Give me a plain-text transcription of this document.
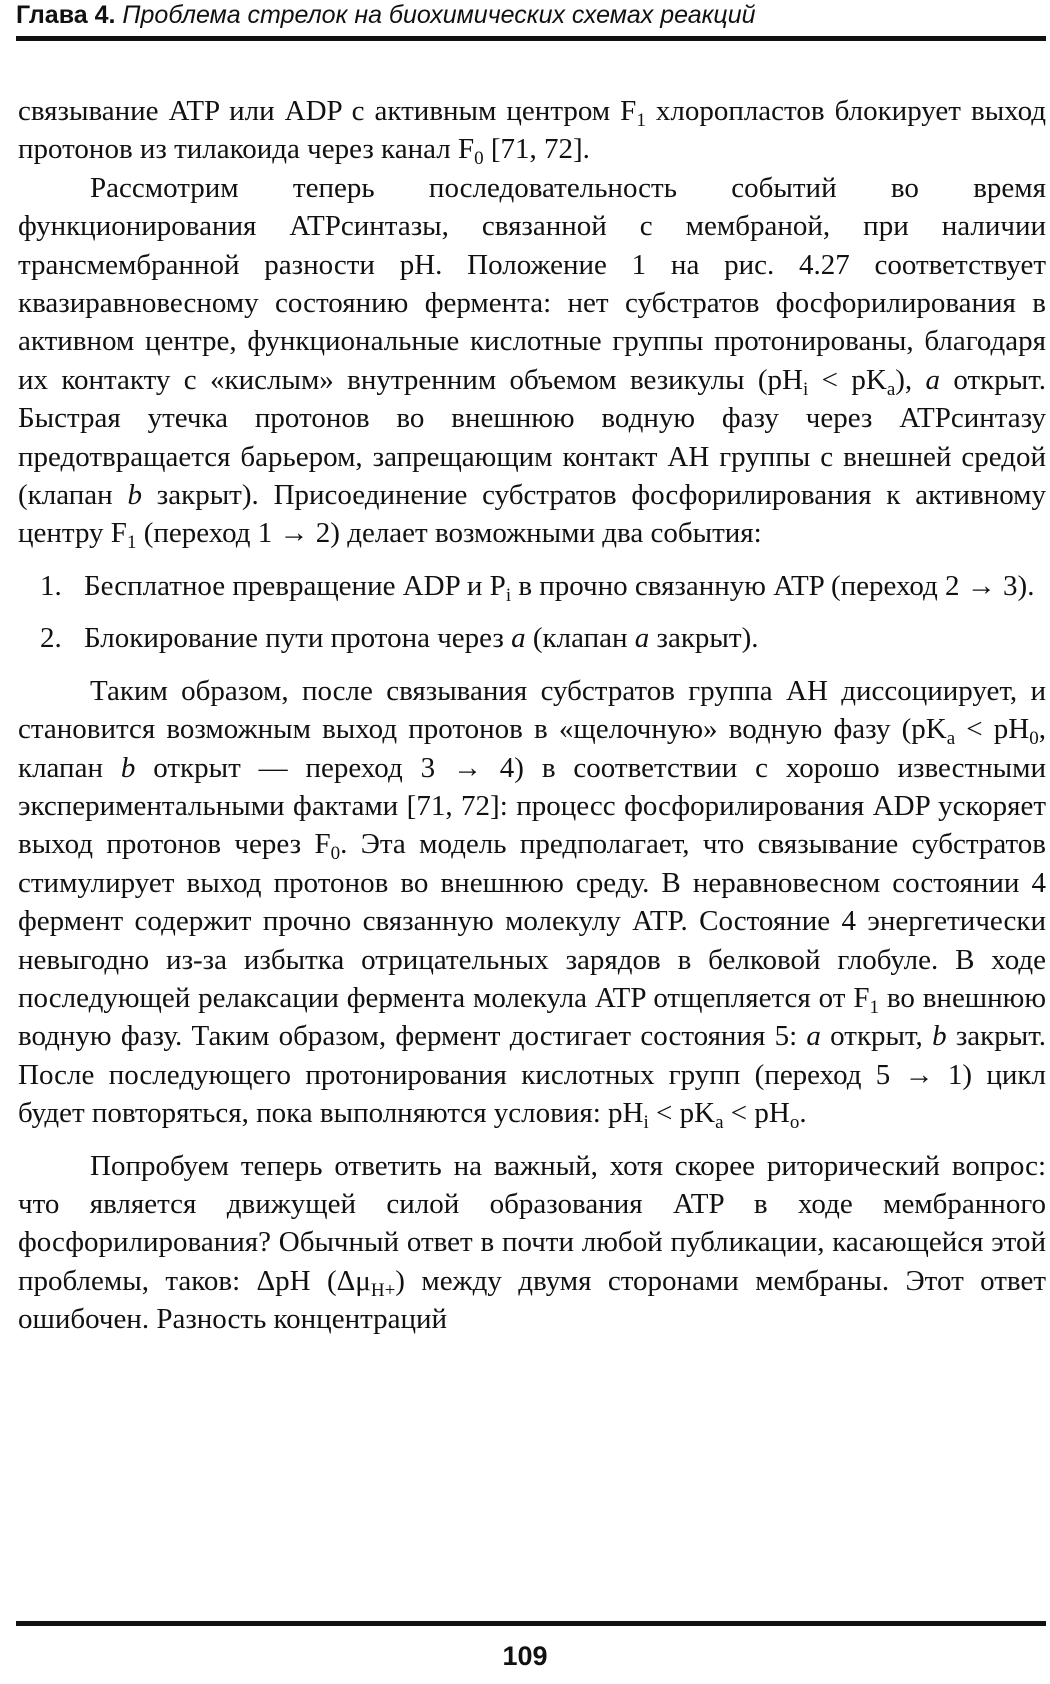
Глава 4. Проблема стрелок на биохимических схемах реакций

связывание ATP или ADP с активным центром $F_1$ хлоропластов блокирует выход протонов из тилакоида через канал $F_0$ [71, 72].

Рассмотрим теперь последовательность событий во время функционирования ATPсинтазы, связанной с мембраной, при наличии трансмембранной разности pH. Положение 1 на рис. 4.27 соответствует квазиравновесному состоянию фермента: нет субстратов фосфорилирования в активном центре, функциональные кислотные группы протонированы, благодаря их контакту с «кислым» внутренним объемом везикулы $(pH_i < pK_a)$, a открыт. Быстрая утечка протонов во внешнюю водную фазу через ATPсинтазу предотвращается барьером, запрещающим контакт AH группы с внешней средой (клапан b закрыт). Присоединение субстратов фосфорилирования к активному центру $F_1$ (переход 1 → 2) делает возможными два события:

1. Бесплатное превращение ADP и $P_i$ в прочно связанную ATP (переход 2 → 3).

2. Блокирование пути протона через a (клапан a закрыт).

Таким образом, после связывания субстратов группа AH диссоциирует, и становится возможным выход протонов в «щелочную» водную фазу ($pK_a < pH_0$, клапан b открыт — переход 3 → 4) в соответствии с хорошо известными экспериментальными фактами [71, 72]: процесс фосфорилирования ADP ускоряет выход протонов через $F_0$. Эта модель предполагает, что связывание субстратов стимулирует выход протонов во внешнюю среду. В неравновесном состоянии 4 фермент содержит прочно связанную молекулу ATP. Состояние 4 энергетически невыгодно из-за избытка отрицательных зарядов в белковой глобуле. В ходе последующей релаксации фермента молекула ATP отщепляется от $F_1$ во внешнюю водную фазу. Таким образом, фермент достигает состояния 5: a открыт, b закрыт. После последующего протонирования кислотных групп (переход 5 → 1) цикл будет повторяться, пока выполняются условия: $pH_i < pK_a < pH_o$.

Попробуем теперь ответить на важный, хотя скорее риторический вопрос: что является движущей силой образования ATP в ходе мембранного фосфорилирования? Обычный ответ в почти любой публикации, касающейся этой проблемы, таков: ΔpH $(\Delta\mu_{H+})$ между двумя сторонами мембраны. Этот ответ ошибочен. Разность концентраций

109
